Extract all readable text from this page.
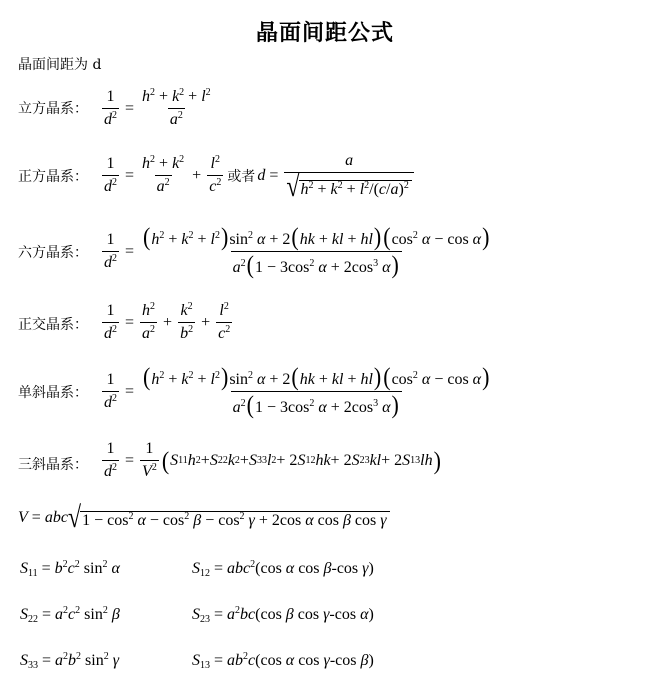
晶面间距公式
晶面间距为 d
立方晶系： $\frac{1}{d^2} = \frac{h^2 + k^2 + l^2}{a^2}$
正方晶系： $\frac{1}{d^2} = \frac{h^2 + k^2}{a^2} + \frac{l^2}{c^2}$ 或者 $d = \frac{a}{√ h^2 + k^2 + l^2/(c/a)^2}$
六方晶系： $\frac{1}{d^2} = \frac{(h^2 + k^2 + l^2)\sin^2 \alpha + 2(hk + kl + hl)(\cos^2 \alpha - \cos \alpha)}{a^2(1 - 3\cos^2 \alpha + 2\cos^3 \alpha)}$
正交晶系： $\frac{1}{d^2} = \frac{h^2}{a^2} + \frac{k^2}{b^2} + \frac{l^2}{c^2}$
单斜晶系： $\frac{1}{d^2} = \frac{(h^2 + k^2 + l^2)\sin^2 \alpha + 2(hk + kl + hl)(\cos^2 \alpha - \cos \alpha)}{a^2(1 - 3\cos^2 \alpha + 2\cos^3 \alpha)}$
三斜晶系： $\frac{1}{d^2} = \frac{1}{V^2}$ ( S 11 h 2 + S 22 k 2 + S 33 l 2 + 2 S 12 hk + 2 S 23 kl + 2 S 13 lh )
V = abc √ $1 - \cos^2 \alpha - \cos^2 \beta - \cos^2 \gamma + 2\cos$ α cos β cos γ
$S_{11} = b^2c^2$ $\sin^2 \alpha$	$S_{12} = abc^2(\cos$ α cos β-cos γ)
$S_{22} = a^2c^2$ $\sin^2 \beta$	$S_{23} = a^2bc(\cos$ β cos γ-cos α)
$S_{33} = a^2b^2$ $\sin^2 \gamma$	$S_{13} = ab^2c(\cos$ α cos γ-cos β)
